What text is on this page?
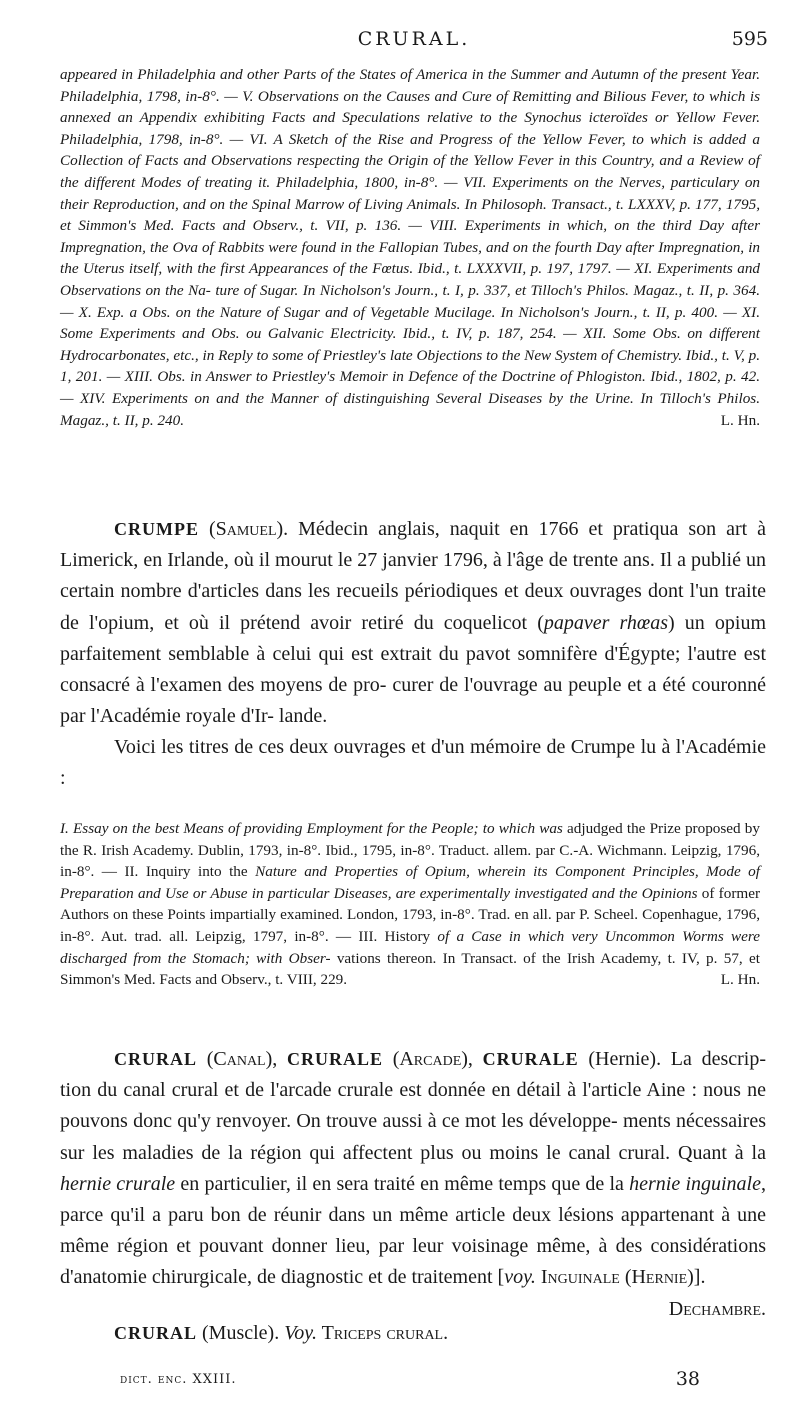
CRURAL.	595
appeared in Philadelphia and other Parts of the States of America in the Summer and Autumn of the present Year. Philadelphia, 1798, in-8°. — V. Observations on the Causes and Cure of Remitting and Bilious Fever, to which is annexed an Appendix exhibiting Facts and Speculations relative to the Synochus icteroïdes or Yellow Fever. Philadelphia, 1798, in-8°. — VI. A Sketch of the Rise and Progress of the Yellow Fever, to which is added a Collection of Facts and Observations respecting the Origin of the Yellow Fever in this Country, and a Review of the different Modes of treating it. Philadelphia, 1800, in-8°. — VII. Experiments on the Nerves, particulary on their Reproduction, and on the Spinal Marrow of Living Animals. In Philosoph. Transact., t. LXXXV, p. 177, 1795, et Simmon's Med. Facts and Observ., t. VII, p. 136. — VIII. Experiments in which, on the third Day after Impregnation, the Ova of Rabbits were found in the Fallopian Tubes, and on the fourth Day after Impregnation, in the Uterus itself, with the first Appearances of the Fœtus. Ibid., t. LXXXVII, p. 197, 1797. — XI. Experiments and Observations on the Na- ture of Sugar. In Nicholson's Journ., t. I, p. 337, et Tilloch's Philos. Magaz., t. II, p. 364. — X. Exp. a Obs. on the Nature of Sugar and of Vegetable Mucilage. In Nicholson's Journ., t. II, p. 400. — XI. Some Experiments and Obs. ou Galvanic Electricity. Ibid., t. IV, p. 187, 254. — XII. Some Obs. on different Hydrocarbonates, etc., in Reply to some of Priestley's late Objections to the New System of Chemistry. Ibid., t. V, p. 1, 201. — XIII. Obs. in Answer to Priestley's Memoir in Defence of the Doctrine of Phlogiston. Ibid., 1802, p. 42. — XIV. Experiments on and the Manner of distinguishing Several Diseases by the Urine. In Tilloch's Philos. Magaz., t. II, p. 240.	L. Hn.
CRUMPE (Samuel). Médecin anglais, naquit en 1766 et pratiqua son art à Limerick, en Irlande, où il mourut le 27 janvier 1796, à l'âge de trente ans. Il a publié un certain nombre d'articles dans les recueils périodiques et deux ouvrages dont l'un traite de l'opium, et où il prétend avoir retiré du coquelicot (papaver rhœas) un opium parfaitement semblable à celui qui est extrait du pavot somnifère d'Égypte; l'autre est consacré à l'examen des moyens de pro- curer de l'ouvrage au peuple et a été couronné par l'Académie royale d'Ir- lande.
Voici les titres de ces deux ouvrages et d'un mémoire de Crumpe lu à l'Académie :
I. Essay on the best Means of providing Employment for the People; to which was adjudged the Prize proposed by the R. Irish Academy. Dublin, 1793, in-8°. Ibid., 1795, in-8°. Traduct. allem. par C.-A. Wichmann. Leipzig, 1796, in-8°. — II. Inquiry into the Nature and Properties of Opium, wherein its Component Principles, Mode of Preparation and Use or Abuse in particular Diseases, are experimentally investigated and the Opinions of former Authors on these Points impartially examined. London, 1793, in-8°. Trad. en all. par P. Scheel. Copenhague, 1796, in-8°. Aut. trad. all. Leipzig, 1797, in-8°. — III. History of a Case in which very Uncommon Worms were discharged from the Stomach; with Obser- vations thereon. In Transact. of the Irish Academy, t. IV, p. 57, et Simmon's Med. Facts and Observ., t. VIII, 229.	L. Hn.
CRURAL (Canal), CRURALE (Arcade), CRURALE (Hernie). La descrip- tion du canal crural et de l'arcade crurale est donnée en détail à l'article Aine : nous ne pouvons donc qu'y renvoyer. On trouve aussi à ce mot les développe- ments nécessaires sur les maladies de la région qui affectent plus ou moins le canal crural. Quant à la hernie crurale en particulier, il en sera traité en même temps que de la hernie inguinale, parce qu'il a paru bon de réunir dans un même article deux lésions appartenant à une même région et pouvant donner lieu, par leur voisinage même, à des considérations d'anatomie chirurgicale, de diagnostic et de traitement [voy. Inguinale (Hernie)].
Dechambre.
CRURAL (Muscle). Voy. Triceps crural.
dict. enc. XXIII.	38
